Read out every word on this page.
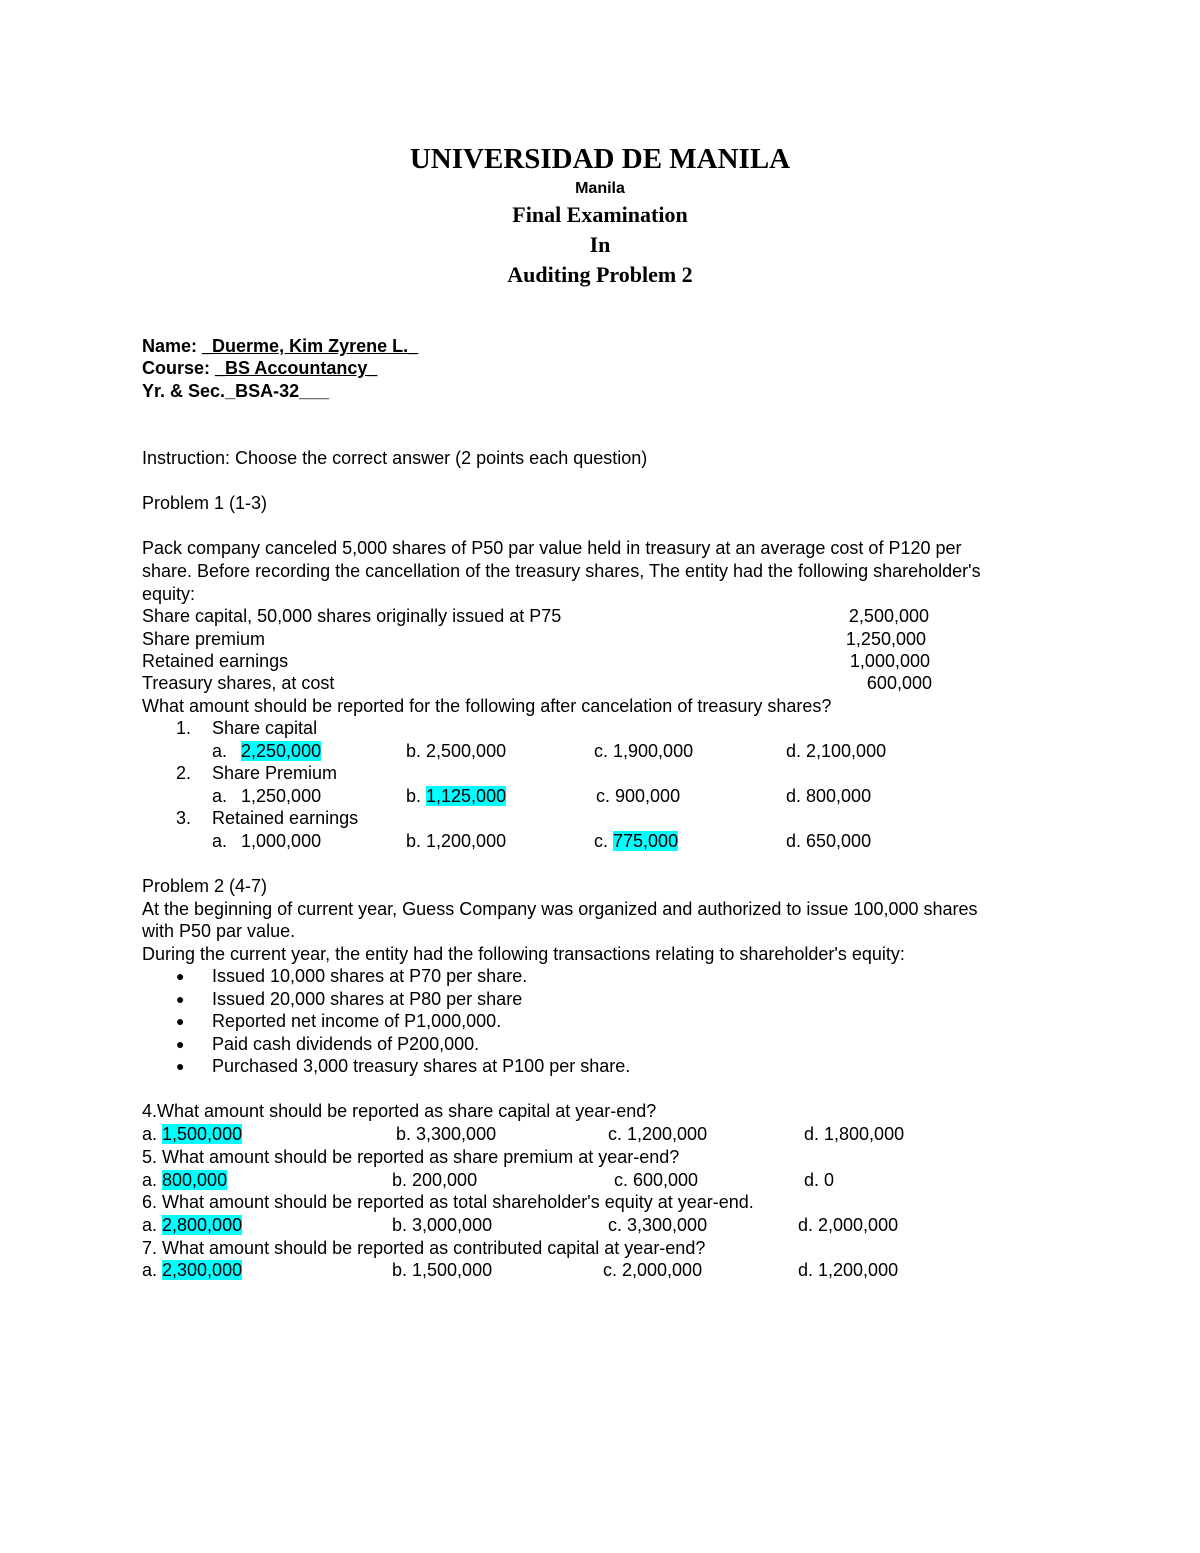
UNIVERSIDAD DE MANILA
Manila
Final Examination
In
Auditing Problem 2
Name: _Duerme, Kim Zyrene L._
Course: _BS Accountancy_
Yr. & Sec._BSA-32___
Instruction: Choose the correct answer (2 points each question)
Problem 1 (1-3)
Pack company canceled 5,000 shares of P50 par value held in treasury at an average cost of P120 per
share. Before recording the cancellation of the treasury shares, The entity had the following shareholder's
equity:
Share capital, 50,000 shares originally issued at P75	2,500,000
Share premium	1,250,000
Retained earnings	1,000,000
Treasury shares, at cost	600,000
What amount should be reported for the following after cancelation of treasury shares?
1. Share capital
a. 2,250,000	b. 2,500,000	c. 1,900,000	d. 2,100,000
2. Share Premium
a. 1,250,000	b. 1,125,000	c. 900,000	d. 800,000
3. Retained earnings
a. 1,000,000	b. 1,200,000	c. 775,000	d. 650,000
Problem 2 (4-7)
At the beginning of current year, Guess Company was organized and authorized to issue 100,000 shares
with P50 par value.
During the current year, the entity had the following transactions relating to shareholder's equity:
● Issued 10,000 shares at P70 per share.
● Issued 20,000 shares at P80 per share
● Reported net income of P1,000,000.
● Paid cash dividends of P200,000.
● Purchased 3,000 treasury shares at P100 per share.
4.What amount should be reported as share capital at year-end?
a. 1,500,000	b. 3,300,000	c. 1,200,000	d. 1,800,000
5. What amount should be reported as share premium at year-end?
a. 800,000	b. 200,000	c. 600,000	d. 0
6. What amount should be reported as total shareholder's equity at year-end.
a. 2,800,000	b. 3,000,000	c. 3,300,000	d. 2,000,000
7. What amount should be reported as contributed capital at year-end?
a. 2,300,000	b. 1,500,000	c. 2,000,000	d. 1,200,000
